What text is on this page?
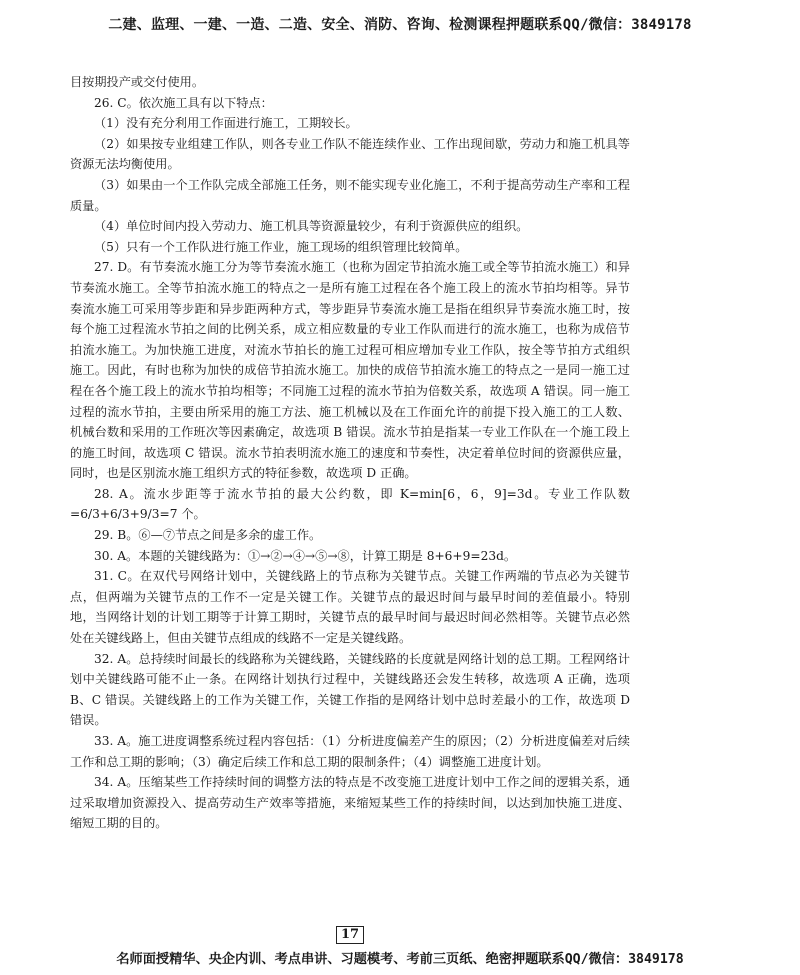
二建、监理、一建、一造、二造、安全、消防、咨询、检测课程押题联系QQ/微信：3849178

目按期投产或交付使用。

26. C。依次施工具有以下特点：

（1）没有充分利用工作面进行施工，工期较长。

（2）如果按专业组建工作队，则各专业工作队不能连续作业、工作出现间歇，劳动力和施工机具等资源无法均衡使用。

（3）如果由一个工作队完成全部施工任务，则不能实现专业化施工，不利于提高劳动生产率和工程质量。

（4）单位时间内投入劳动力、施工机具等资源量较少，有利于资源供应的组织。

（5）只有一个工作队进行施工作业，施工现场的组织管理比较简单。

27. D。有节奏流水施工分为等节奏流水施工（也称为固定节拍流水施工或全等节拍流水施工）和异节奏流水施工。全等节拍流水施工的特点之一是所有施工过程在各个施工段上的流水节拍均相等。异节奏流水施工可采用等步距和异步距两种方式，等步距异节奏流水施工是指在组织异节奏流水施工时，按每个施工过程流水节拍之间的比例关系，成立相应数量的专业工作队而进行的流水施工，也称为成倍节拍流水施工。为加快施工进度，对流水节拍长的施工过程可相应增加专业工作队，按全等节拍方式组织施工。因此，有时也称为加快的成倍节拍流水施工。加快的成倍节拍流水施工的特点之一是同一施工过程在各个施工段上的流水节拍均相等；不同施工过程的流水节拍为倍数关系，故选项 A 错误。同一施工过程的流水节拍，主要由所采用的施工方法、施工机械以及在工作面允许的前提下投入施工的工人数、机械台数和采用的工作班次等因素确定，故选项 B 错误。流水节拍是指某一专业工作队在一个施工段上的施工时间，故选项 C 错误。流水节拍表明流水施工的速度和节奏性，决定着单位时间的资源供应量，同时，也是区别流水施工组织方式的特征参数，故选项 D 正确。

28. A。流水步距等于流水节拍的最大公约数，即 K=min[6，6，9]=3d。专业工作队数=6/3+6/3+9/3=7 个。

29. B。⑥—⑦节点之间是多余的虚工作。

30. A。本题的关键线路为：①→②→④→⑤→⑧，计算工期是 8+6+9=23d。

31. C。在双代号网络计划中，关键线路上的节点称为关键节点。关键工作两端的节点必为关键节点，但两端为关键节点的工作不一定是关键工作。关键节点的最迟时间与最早时间的差值最小。特别地，当网络计划的计划工期等于计算工期时，关键节点的最早时间与最迟时间必然相等。关键节点必然处在关键线路上，但由关键节点组成的线路不一定是关键线路。

32. A。总持续时间最长的线路称为关键线路，关键线路的长度就是网络计划的总工期。工程网络计划中关键线路可能不止一条。在网络计划执行过程中，关键线路还会发生转移，故选项 A 正确，选项 B、C 错误。关键线路上的工作为关键工作，关键工作指的是网络计划中总时差最小的工作，故选项 D 错误。

33. A。施工进度调整系统过程内容包括：（1）分析进度偏差产生的原因；（2）分析进度偏差对后续工作和总工期的影响；（3）确定后续工作和总工期的限制条件；（4）调整施工进度计划。

34. A。压缩某些工作持续时间的调整方法的特点是不改变施工进度计划中工作之间的逻辑关系，通过采取增加资源投入、提高劳动生产效率等措施，来缩短某些工作的持续时间，以达到加快施工进度、缩短工期的目的。

17
名师面授精华、央企内训、考点串讲、习题模考、考前三页纸、绝密押题联系QQ/微信：3849178
